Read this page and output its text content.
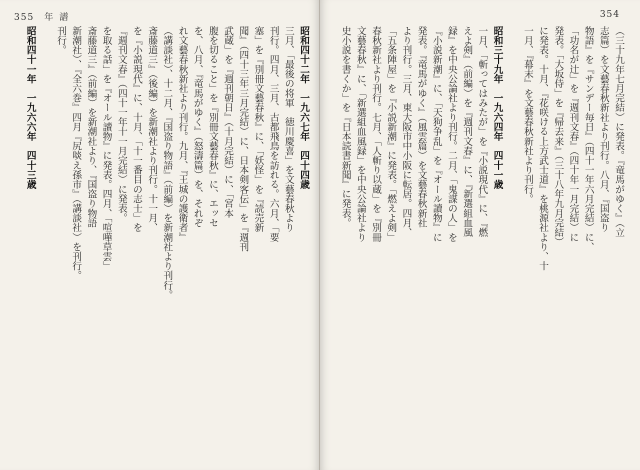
355 年譜
昭和四十二年　一九六七年　四十四歳
三月、「最後の将軍　徳川慶喜」を文藝春秋より
刊行。四月、三月、古都飛鳥を訪れる。六月、「要
塞」を『別冊文藝春秋』に、「妖怪」を『読売新
聞』（四十三年三月完結）に、日本剣客伝」を『週刊
武蔵」を『週刊朝日』（十月完結）に、「宮本
腹を切ること」を『別冊文藝春秋』に、エッセ
を、八月、『竜馬がゆく』（怒濤篇）を、それぞ
れ文藝春秋新社より刊行。九月、『王城の護衛者』
（講談社）、十二月、『国盗り物語』（前編）を新潮社より刊行。
斎藤道三』（後編）を新潮社より刊行。十一月、
を『小説現代』に、十月、「十一番目の志士」を
『週刊文春』（四十一年十一月完結）に発表。
を取る話」を『オール讀物』に発表。四月、「喧嘩草雲」
斎藤道三』（前編）を新潮社より、『国盗り物語
新潮社）、『全六巻』四月『尻啖え孫市』（講談社）を刊行。
刊行。

昭和四十一年　一九六六年　四十三歳
354
（三十九年七月完結）に発表。『竜馬がゆく』（立
志篇）を文藝春秋新社より刊行。八月、『国盗り
物語』を『サンデー毎日』（四十一年六月完結）に、
「功名が辻」を『週刊文春』（四十年一月完結）に
発表。「大坂侍」を『帰去来』（三十八年九月完結）
に発表。十月、『花咲ける上方武士道』を桃源社より、十
一月、『幕末』を文藝春秋新社より刊行。

昭和三十九年　一九六四年　四十一歳
一月、「斬ってはみたが」を『小説現代』に、『燃
えよ剣』（前編）を『週刊文春』に、『新選組血風
録』を中央公論社より刊行。二月、「鬼謀の人」を
『小説新潮』に、「天狗争乱」を『オール讀物』に
発表。『竜馬がゆく』（風雲篇）を文藝春秋新社
より刊行。三月、東大阪市中小阪に転居。四月、
「五条陣屋」を『小説新潮』に発表。「燃えよ剣」
春秋新社より刊行。七月、「人斬り以蔵」を『別冊
文藝春秋』に、「新選組血風録」を中央公論社より
史小説を書くか」を『日本読書新聞』に発表。
